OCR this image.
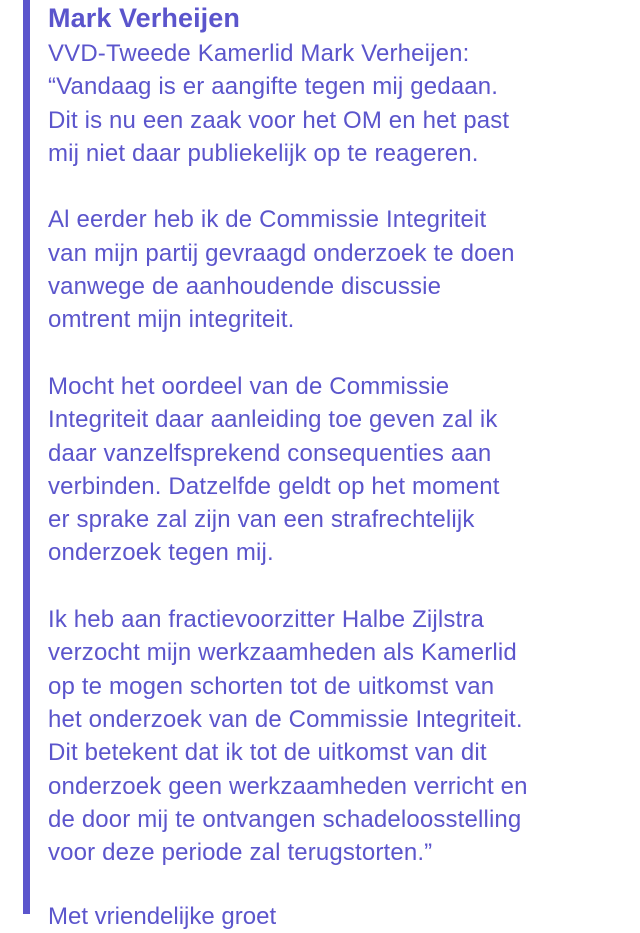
Mark Verheijen

VVD-Tweede Kamerlid Mark Verheijen:
“Vandaag is er aangifte tegen mij gedaan.
Dit is nu een zaak voor het OM en het past
mij niet daar publiekelijk op te reageren.

Al eerder heb ik de Commissie Integriteit
van mijn partij gevraagd onderzoek te doen
vanwege de aanhoudende discussie
omtrent mijn integriteit.

Mocht het oordeel van de Commissie
Integriteit daar aanleiding toe geven zal ik
daar vanzelfsprekend consequenties aan
verbinden. Datzelfde geldt op het moment
er sprake zal zijn van een strafrechtelijk
onderzoek tegen mij.

Ik heb aan fractievoorzitter Halbe Zijlstra
verzocht mijn werkzaamheden als Kamerlid
op te mogen schorten tot de uitkomst van
het onderzoek van de Commissie Integriteit.
Dit betekent dat ik tot de uitkomst van dit
onderzoek geen werkzaamheden verricht en
de door mij te ontvangen schadeloosstelling
voor deze periode zal terugstorten.”

Met vriendelijke groet
